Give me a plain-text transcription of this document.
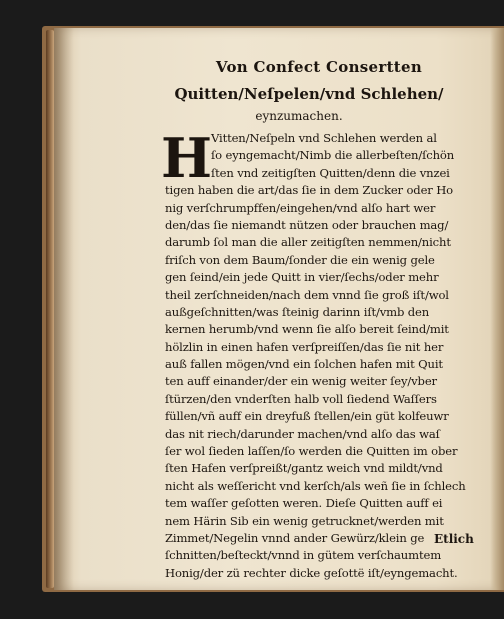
Von Confect Consertten
Quitten/Neſpelen/vnd Schlehen/
eynzumachen.
H
Vitten/Neſpeln vnd Schlehen werden al
ſo eyngemacht/Nimb die allerbeſten/ſchön
ſten vnd zeitigſten Quitten/denn die vnzei
tigen haben die art/das ſie in dem Zucker oder Ho
nig verſchrumpffen/eingehen/vnd alſo hart wer
den/das ſie niemandt nützen oder brauchen mag/
darumb ſol man die aller zeitigſten nemmen/nicht
friſch von dem Baum/ſonder die ein wenig gele
gen ſeind/ein jede Quitt in vier/ſechs/oder mehr
theil zerſchneiden/nach dem vnnd ſie groß iſt/wol
außgeſchnitten/was ſteinig darinn iſt/vmb den
kernen herumb/vnd wenn ſie alſo bereit ſeind/mit
hölzlin in einen hafen verſpreiſſen/das ſie nit her
auß fallen mögen/vnd ein ſolchen hafen mit Quit
ten auff einander/der ein wenig weiter ſey/vber
ſtürzen/den vnderſten halb voll ſiedend Waſſers
füllen/vñ auff ein dreyfuß ſtellen/ein güt kolfeuwr
das nit riech/darunder machen/vnd alſo das waſ
ſer wol ſieden laſſen/ſo werden die Quitten im ober
ſten Hafen verſpreißt/gantz weich vnd mildt/vnd
nicht als weſſericht vnd kerſch/als weñ ſie in ſchlech
tem waſſer geſotten weren. Dieſe Quitten auff ei
nem Härin Sib ein wenig getrucknet/werden mit
Zimmet/Negelin vnnd ander Gewürz/klein ge
ſchnitten/beſteckt/vnnd in gütem verſchaumtem
Honig/der zü rechter dicke geſottë iſt/eyngemacht.
Etlich
